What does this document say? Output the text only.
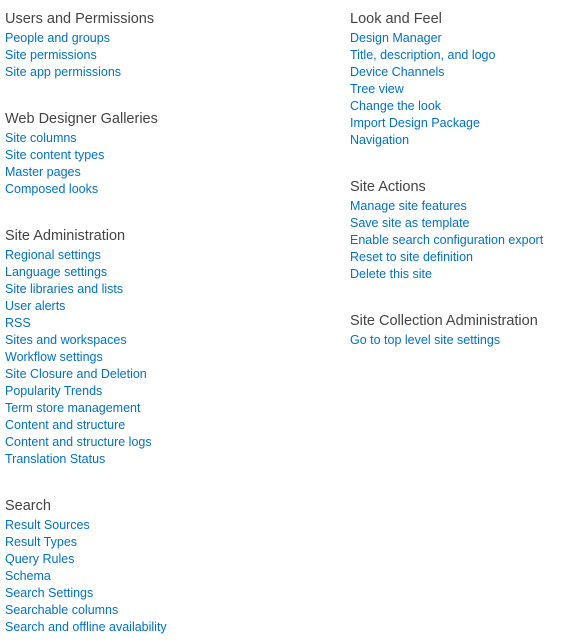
Users and Permissions
People and groups
Site permissions
Site app permissions
Web Designer Galleries
Site columns
Site content types
Master pages
Composed looks
Site Administration
Regional settings
Language settings
Site libraries and lists
User alerts
RSS
Sites and workspaces
Workflow settings
Site Closure and Deletion
Popularity Trends
Term store management
Content and structure
Content and structure logs
Translation Status
Search
Result Sources
Result Types
Query Rules
Schema
Search Settings
Searchable columns
Search and offline availability
Look and Feel
Design Manager
Title, description, and logo
Device Channels
Tree view
Change the look
Import Design Package
Navigation
Site Actions
Manage site features
Save site as template
Enable search configuration export
Reset to site definition
Delete this site
Site Collection Administration
Go to top level site settings
